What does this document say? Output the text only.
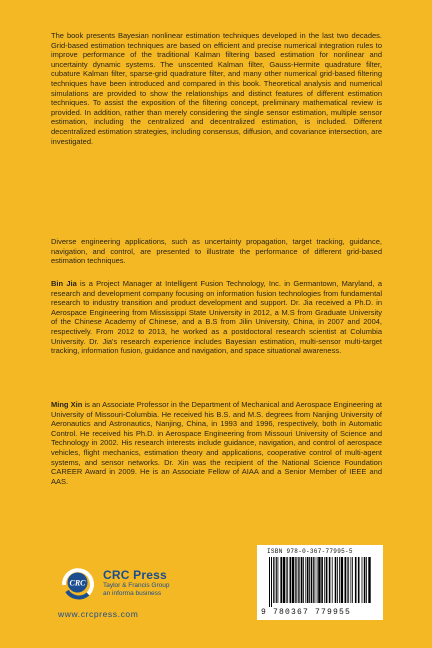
The book presents Bayesian nonlinear estimation techniques developed in the last two decades. Grid-based estimation techniques are based on efficient and precise numerical integration rules to improve performance of the traditional Kalman filtering based estimation for nonlinear and uncertainty dynamic systems. The unscented Kalman filter, Gauss-Hermite quadrature filter, cubature Kalman filter, sparse-grid quadrature filter, and many other numerical grid-based filtering techniques have been introduced and compared in this book. Theoretical analysis and numerical simulations are provided to show the relationships and distinct features of different estimation techniques. To assist the exposition of the filtering concept, preliminary mathematical review is provided. In addition, rather than merely considering the single sensor estimation, multiple sensor estimation, including the centralized and decentralized estimation, is included. Different decentralized estimation strategies, including consensus, diffusion, and covariance intersection, are investigated.

Diverse engineering applications, such as uncertainty propagation, target tracking, guidance, navigation, and control, are presented to illustrate the performance of different grid-based estimation techniques.

Bin Jia is a Project Manager at Intelligent Fusion Technology, Inc. in Germantown, Maryland, a research and development company focusing on information fusion technologies from fundamental research to industry transition and product development and support. Dr. Jia received a Ph.D. in Aerospace Engineering from Mississippi State University in 2012, a M.S from Graduate University of the Chinese Academy of Chinese, and a B.S from Jilin University, China, in 2007 and 2004, respectively. From 2012 to 2013, he worked as a postdoctoral research scientist at Columbia University. Dr. Jia's research experience includes Bayesian estimation, multi-sensor multi-target tracking, information fusion, guidance and navigation, and space situational awareness.

Ming Xin is an Associate Professor in the Department of Mechanical and Aerospace Engineering at University of Missouri-Columbia. He received his B.S. and M.S. degrees from Nanjing University of Aeronautics and Astronautics, Nanjing, China, in 1993 and 1996, respectively, both in Automatic Control. He received his Ph.D. in Aerospace Engineering from Missouri University of Science and Technology in 2002. His research interests include guidance, navigation, and control of aerospace vehicles, flight mechanics, estimation theory and applications, cooperative control of multi-agent systems, and sensor networks. Dr. Xin was the recipient of the National Science Foundation CAREER Award in 2009. He is an Associate Fellow of AIAA and a Senior Member of IEEE and AAS.

CRC
CRC Press
Taylor & Francis Group
an informa business
www.crcpress.com
ISBN 978-0-367-77995-5
9 780367 779955
